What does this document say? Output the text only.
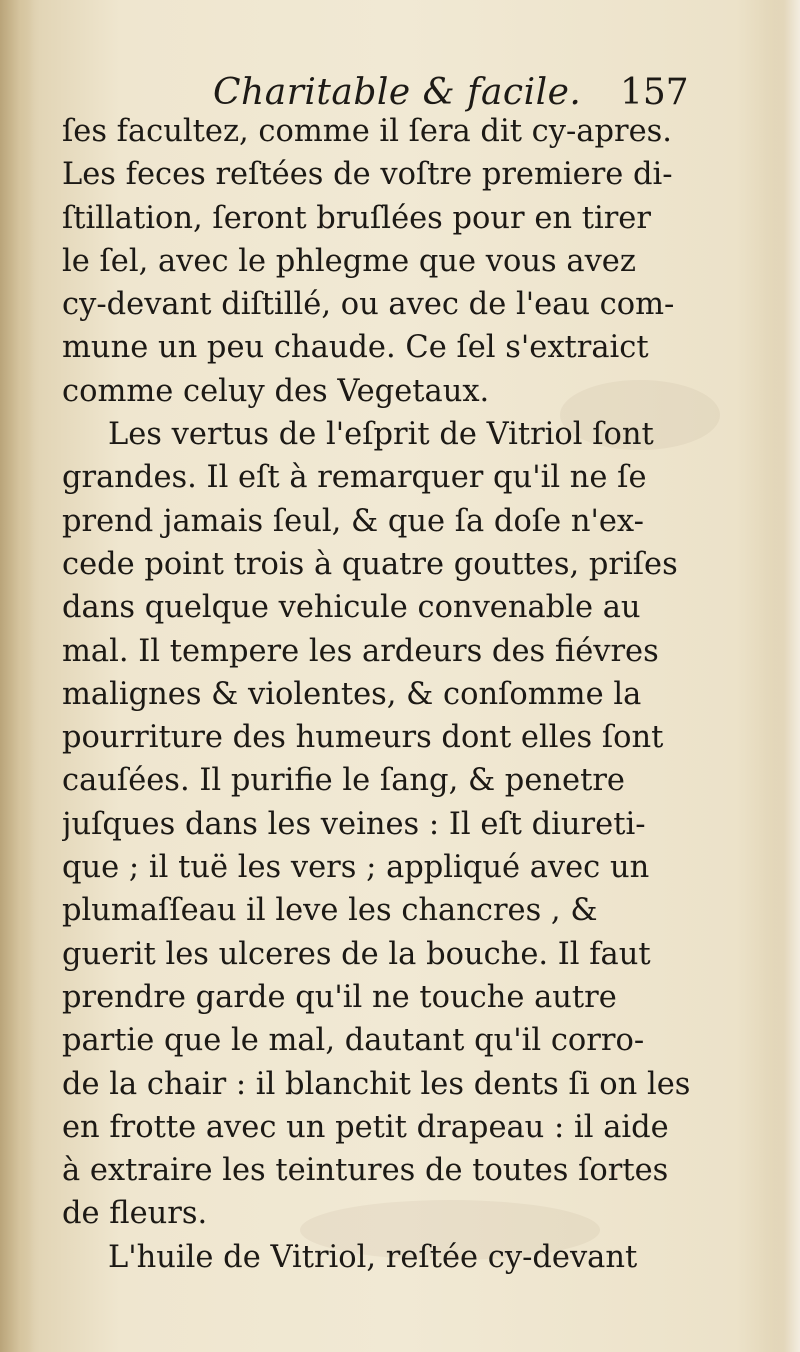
Charitable & facile. 157
ſes facultez, comme il ſera dit cy-apres.
Les feces reſtées de voſtre premiere di-
ſtillation, ſeront bruſlées pour en tirer
le ſel, avec le phlegme que vous avez
cy-devant diſtillé, ou avec de l'eau com-
mune un peu chaude. Ce ſel s'extraict
comme celuy des Vegetaux.
Les vertus de l'eſprit de Vitriol ſont
grandes. Il eſt à remarquer qu'il ne ſe
prend jamais ſeul, & que ſa doſe n'ex-
cede point trois à quatre gouttes, priſes
dans quelque vehicule convenable au
mal. Il tempere les ardeurs des fiévres
malignes & violentes, & conſomme la
pourriture des humeurs dont elles ſont
cauſées. Il purifie le ſang, & penetre
juſques dans les veines : Il eſt diureti-
que ; il tuë les vers ; appliqué avec un
plumaſſeau il leve les chancres , &
guerit les ulceres de la bouche. Il faut
prendre garde qu'il ne touche autre
partie que le mal, dautant qu'il corro-
de la chair : il blanchit les dents ſi on les
en frotte avec un petit drapeau : il aide
à extraire les teintures de toutes ſortes
de fleurs.
L'huile de Vitriol, reſtée cy-devant
